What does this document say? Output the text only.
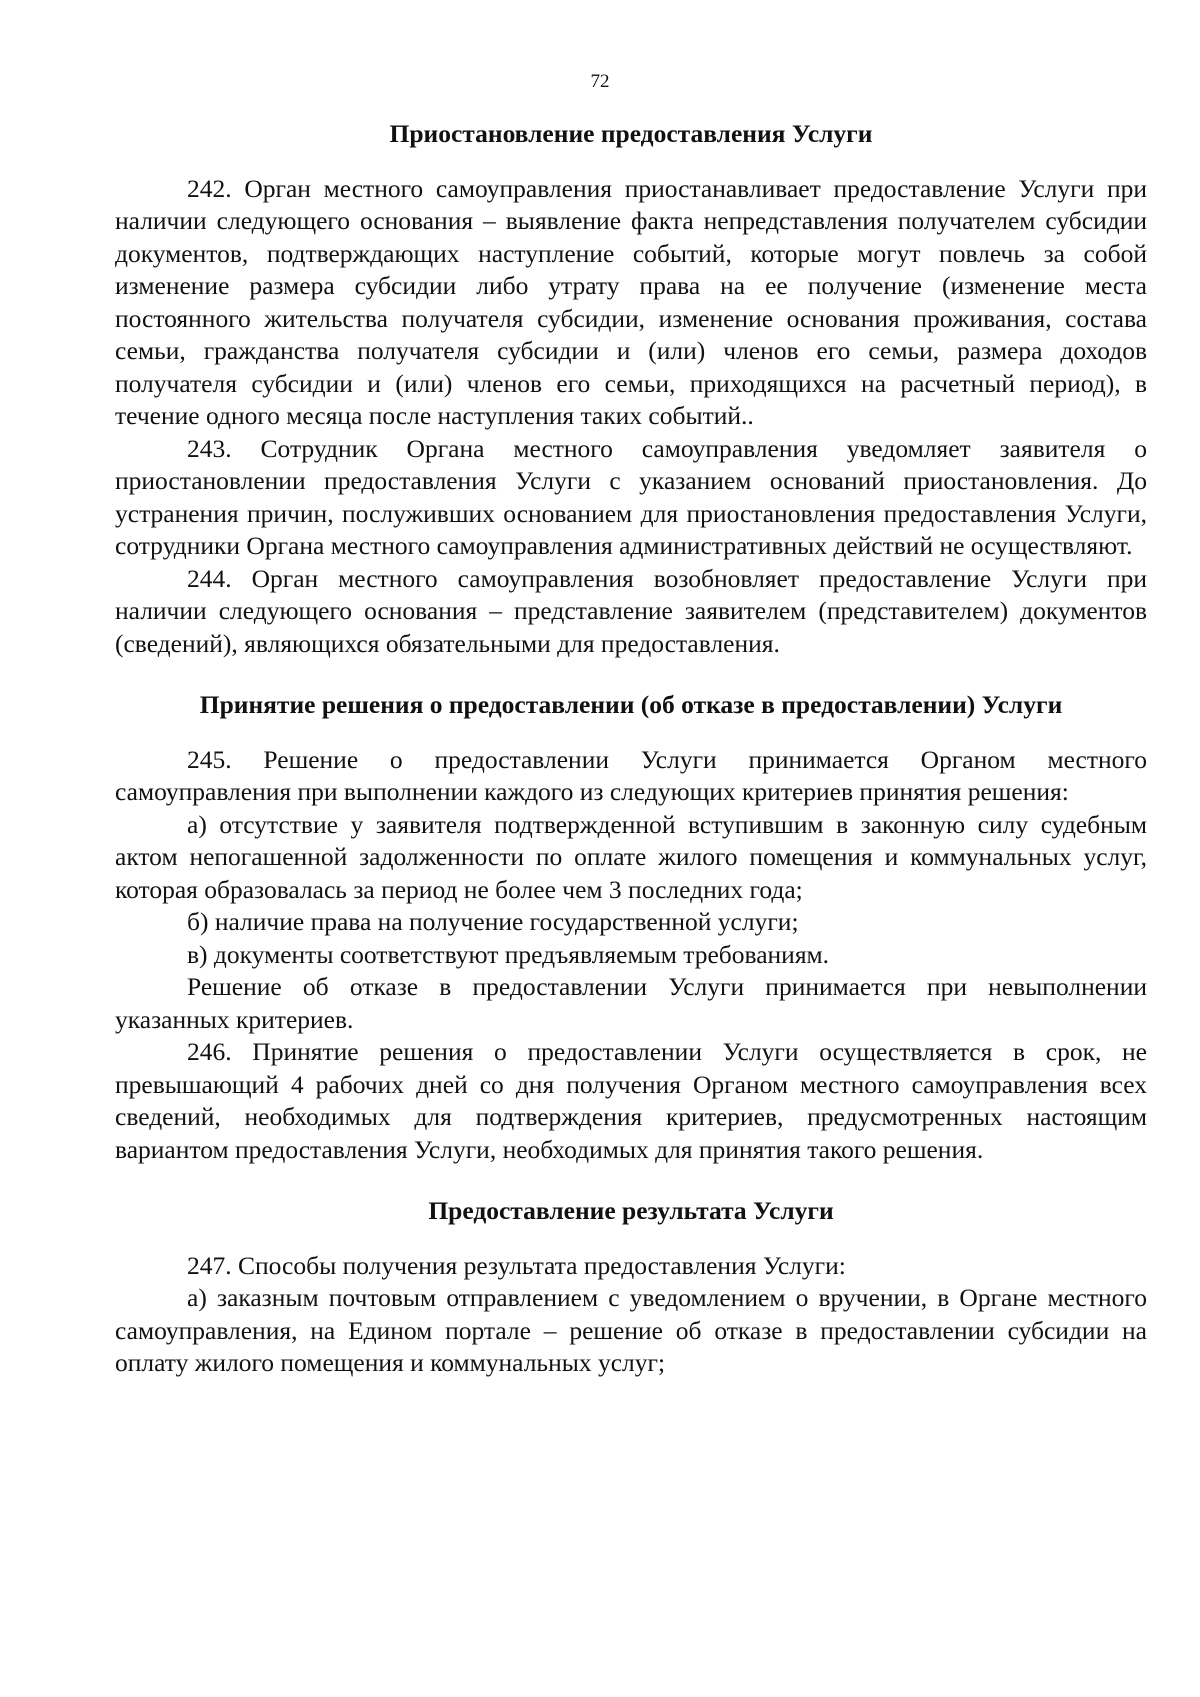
72
Приостановление предоставления Услуги

242. Орган местного самоуправления приостанавливает предоставление Услуги при наличии следующего основания – выявление факта непредставления получателем субсидии документов, подтверждающих наступление событий, которые могут повлечь за собой изменение размера субсидии либо утрату права на ее получение (изменение места постоянного жительства получателя субсидии, изменение основания проживания, состава семьи, гражданства получателя субсидии и (или) членов его семьи, размера доходов получателя субсидии и (или) членов его семьи, приходящихся на расчетный период), в течение одного месяца после наступления таких событий..

243. Сотрудник Органа местного самоуправления уведомляет заявителя о приостановлении предоставления Услуги с указанием оснований приостановления. До устранения причин, послуживших основанием для приостановления предоставления Услуги, сотрудники Органа местного самоуправления административных действий не осуществляют.

244. Орган местного самоуправления возобновляет предоставление Услуги при наличии следующего основания – представление заявителем (представителем) документов (сведений), являющихся обязательными для предоставления.

Принятие решения о предоставлении (об отказе в предоставлении) Услуги

245. Решение о предоставлении Услуги принимается Органом местного самоуправления при выполнении каждого из следующих критериев принятия решения:

а) отсутствие у заявителя подтвержденной вступившим в законную силу судебным актом непогашенной задолженности по оплате жилого помещения и коммунальных услуг, которая образовалась за период не более чем 3 последних года;

б) наличие права на получение государственной услуги;

в) документы соответствуют предъявляемым требованиям.

Решение об отказе в предоставлении Услуги принимается при невыполнении указанных критериев.

246. Принятие решения о предоставлении Услуги осуществляется в срок, не превышающий 4 рабочих дней со дня получения Органом местного самоуправления всех сведений, необходимых для подтверждения критериев, предусмотренных настоящим вариантом предоставления Услуги, необходимых для принятия такого решения.

Предоставление результата Услуги

247. Способы получения результата предоставления Услуги:

а) заказным почтовым отправлением с уведомлением о вручении, в Органе местного самоуправления, на Едином портале – решение об отказе в предоставлении субсидии на оплату жилого помещения и коммунальных услуг;
